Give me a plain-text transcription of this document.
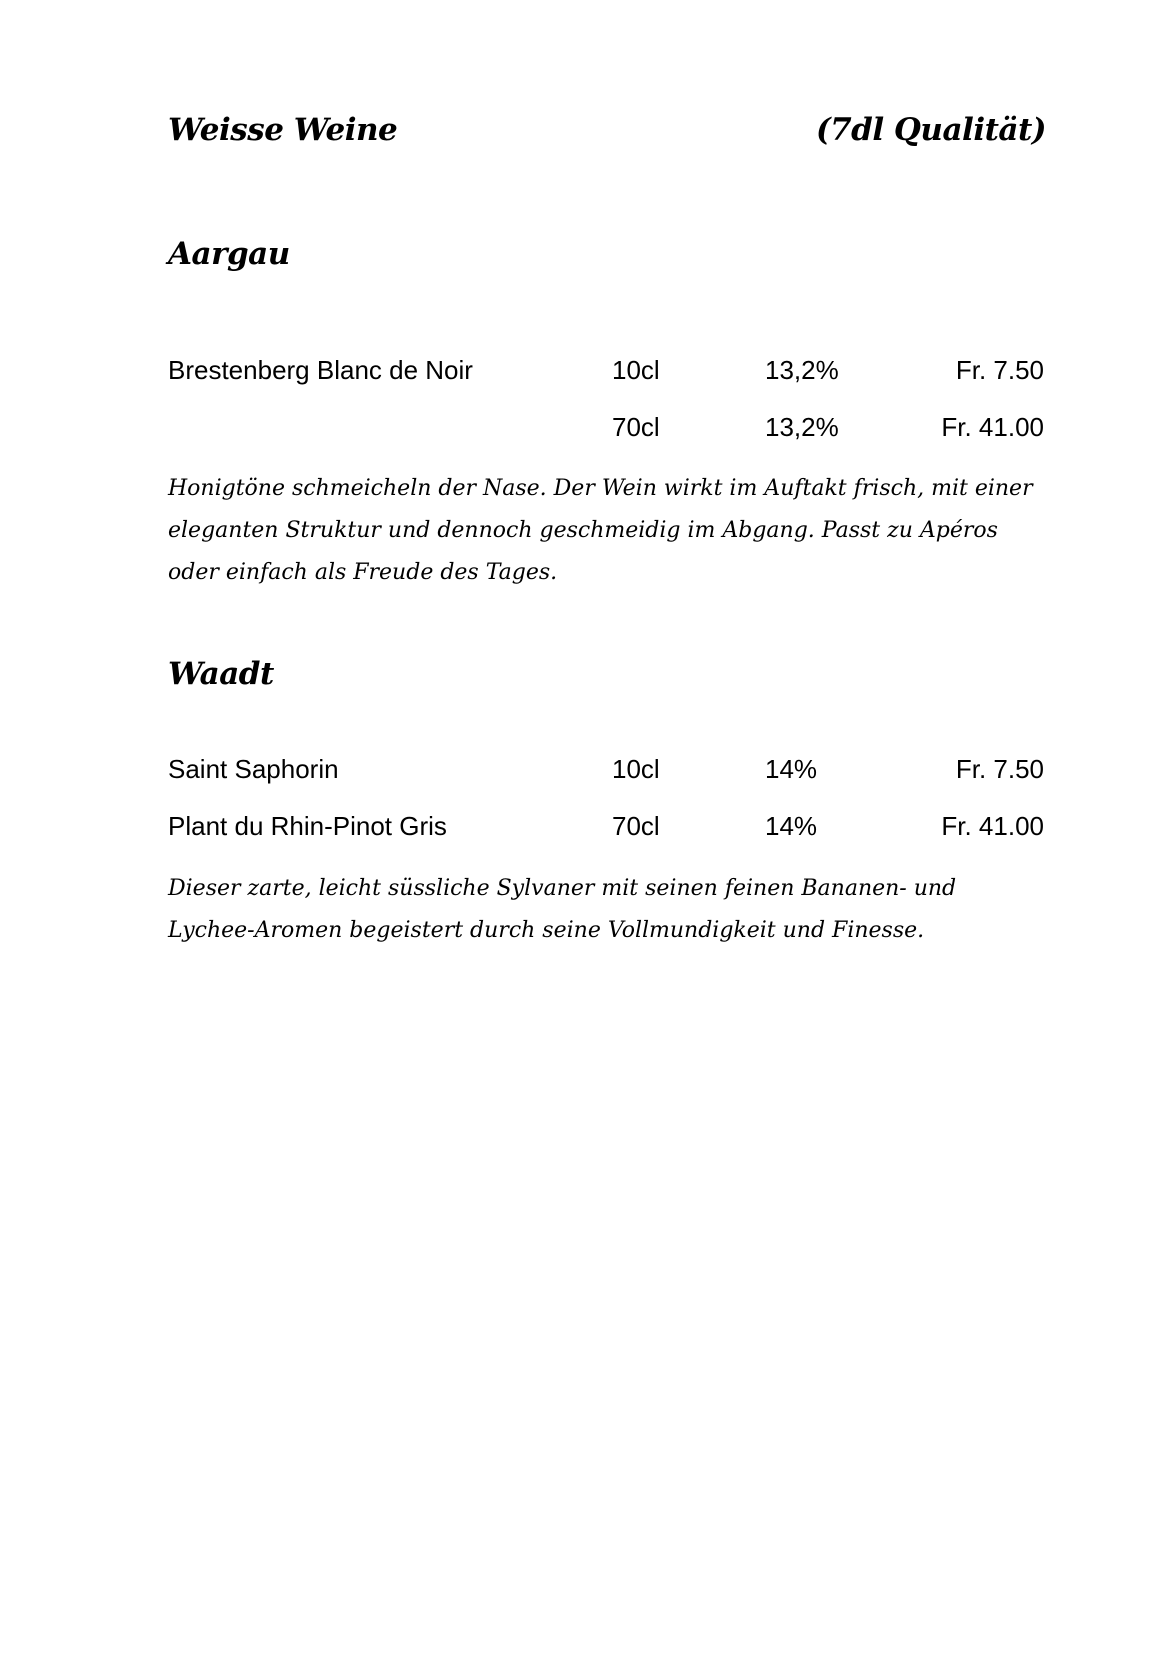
Weisse Weine	(7dl Qualität)
Aargau
Brestenberg Blanc de Noir	10cl	13,2%	Fr. 7.50
70cl	13,2%	Fr. 41.00

Honigtöne schmeicheln der Nase. Der Wein wirkt im Auftakt frisch, mit einer eleganten Struktur und dennoch geschmeidig im Abgang. Passt zu Apéros oder einfach als Freude des Tages.

Waadt
Saint Saphorin	10cl	14%	Fr. 7.50
Plant du Rhin-Pinot Gris	70cl	14%	Fr. 41.00

Dieser zarte, leicht süssliche Sylvaner mit seinen feinen Bananen- und Lychee-Aromen begeistert durch seine Vollmundigkeit und Finesse.
